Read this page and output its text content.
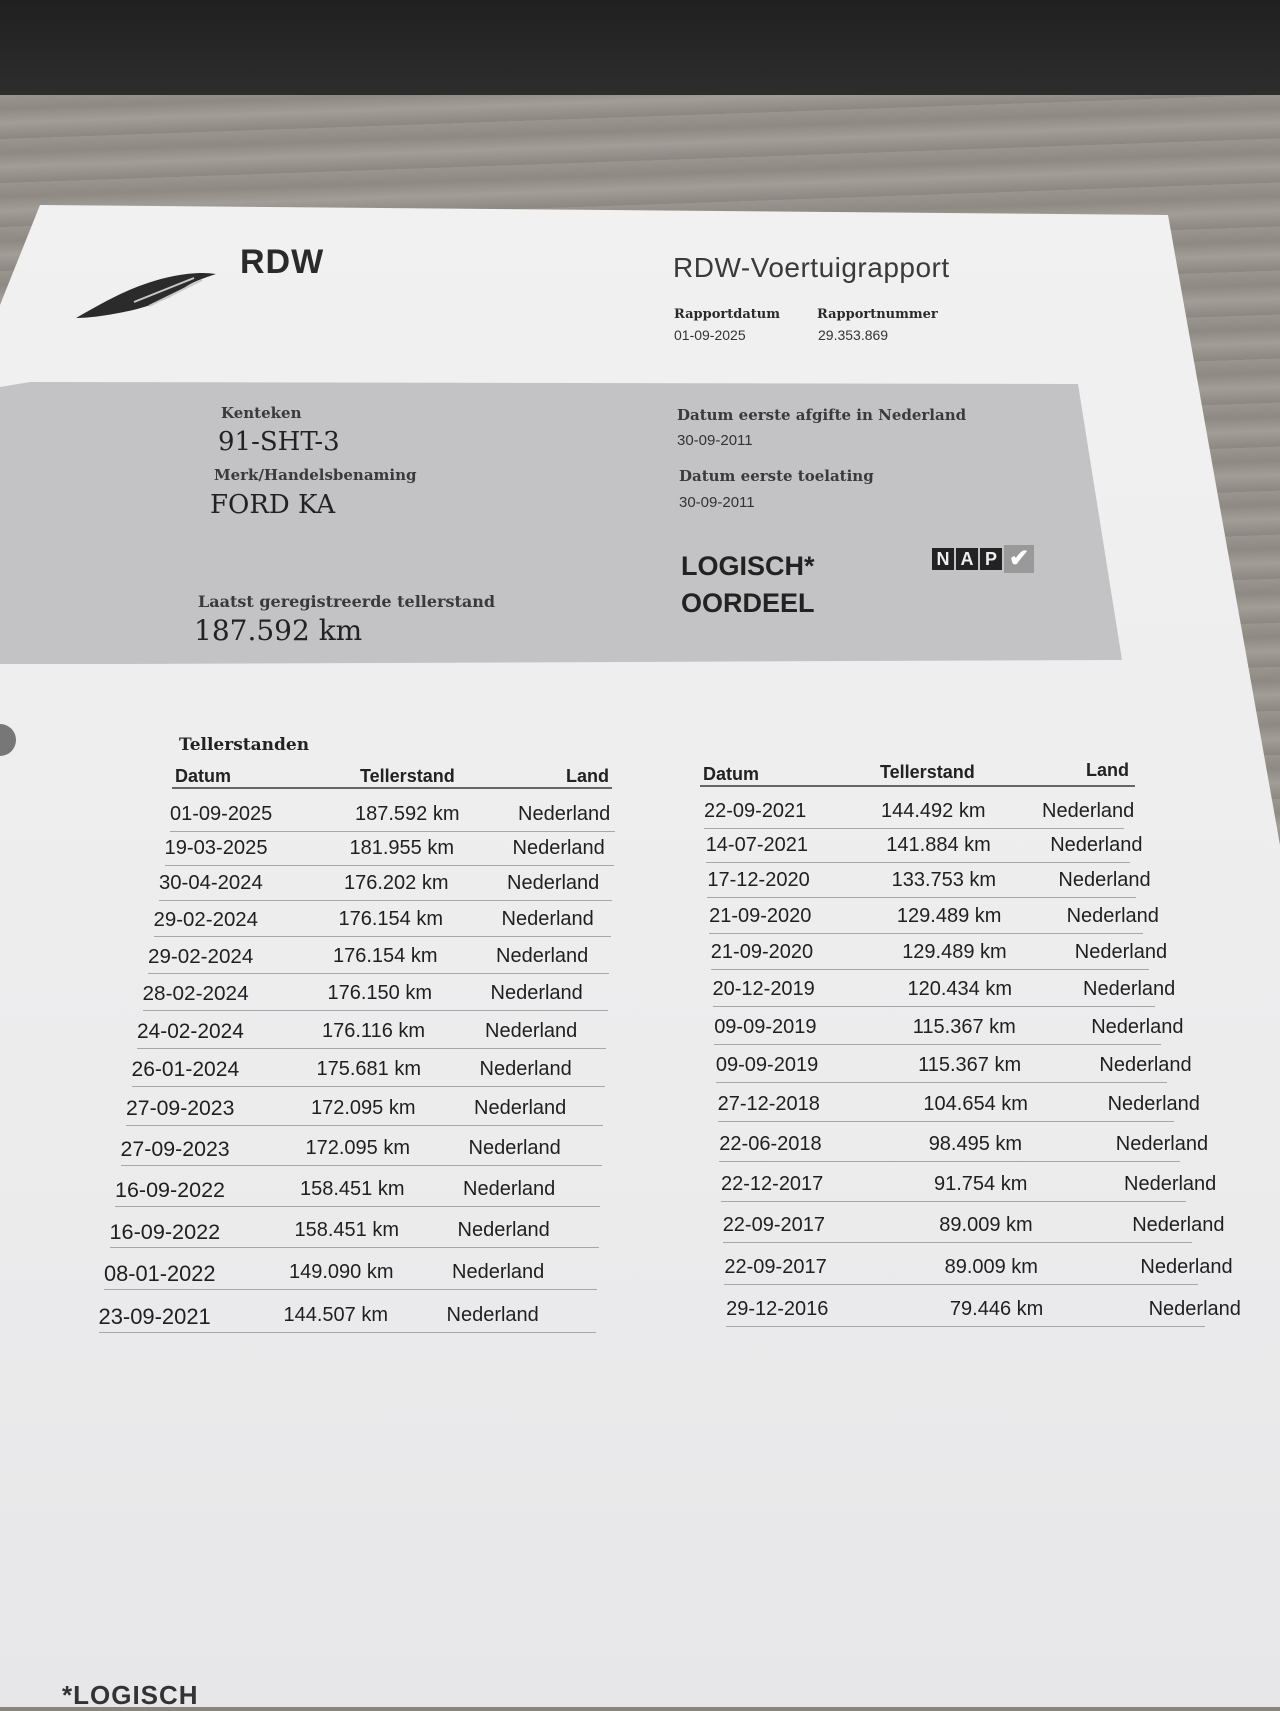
RDW	RDW-Voertuigrapport
Rapportdatum
01-09-2025
Rapportnummer
29.353.869
Kenteken
91-SHT-3
Merk/Handelsbenaming
FORD KA
Datum eerste afgifte in Nederland
30-09-2011
Datum eerste toelating
30-09-2011
LOGISCH*
OORDEEL
N A P ✔
Laatst geregistreerde tellerstand
187.592 km
Tellerstanden
Datum	Tellerstand	Land	Datum	Tellerstand	Land
01-09-2025	187.592 km	Nederland
19-03-2025	181.955 km	Nederland
30-04-2024	176.202 km	Nederland
29-02-2024	176.154 km	Nederland
29-02-2024	176.154 km	Nederland
28-02-2024	176.150 km	Nederland
24-02-2024	176.116 km	Nederland
26-01-2024	175.681 km	Nederland
27-09-2023	172.095 km	Nederland
27-09-2023	172.095 km	Nederland
16-09-2022	158.451 km	Nederland
16-09-2022	158.451 km	Nederland
08-01-2022	149.090 km	Nederland
23-09-2021	144.507 km	Nederland
22-09-2021	144.492 km	Nederland
14-07-2021	141.884 km	Nederland
17-12-2020	133.753 km	Nederland
21-09-2020	129.489 km	Nederland
21-09-2020	129.489 km	Nederland
20-12-2019	120.434 km	Nederland
09-09-2019	115.367 km	Nederland
09-09-2019	115.367 km	Nederland
27-12-2018	104.654 km	Nederland
22-06-2018	98.495 km	Nederland
22-12-2017	91.754 km	Nederland
22-09-2017	89.009 km	Nederland
22-09-2017	89.009 km	Nederland
29-12-2016	79.446 km	Nederland
*LOGISCH
